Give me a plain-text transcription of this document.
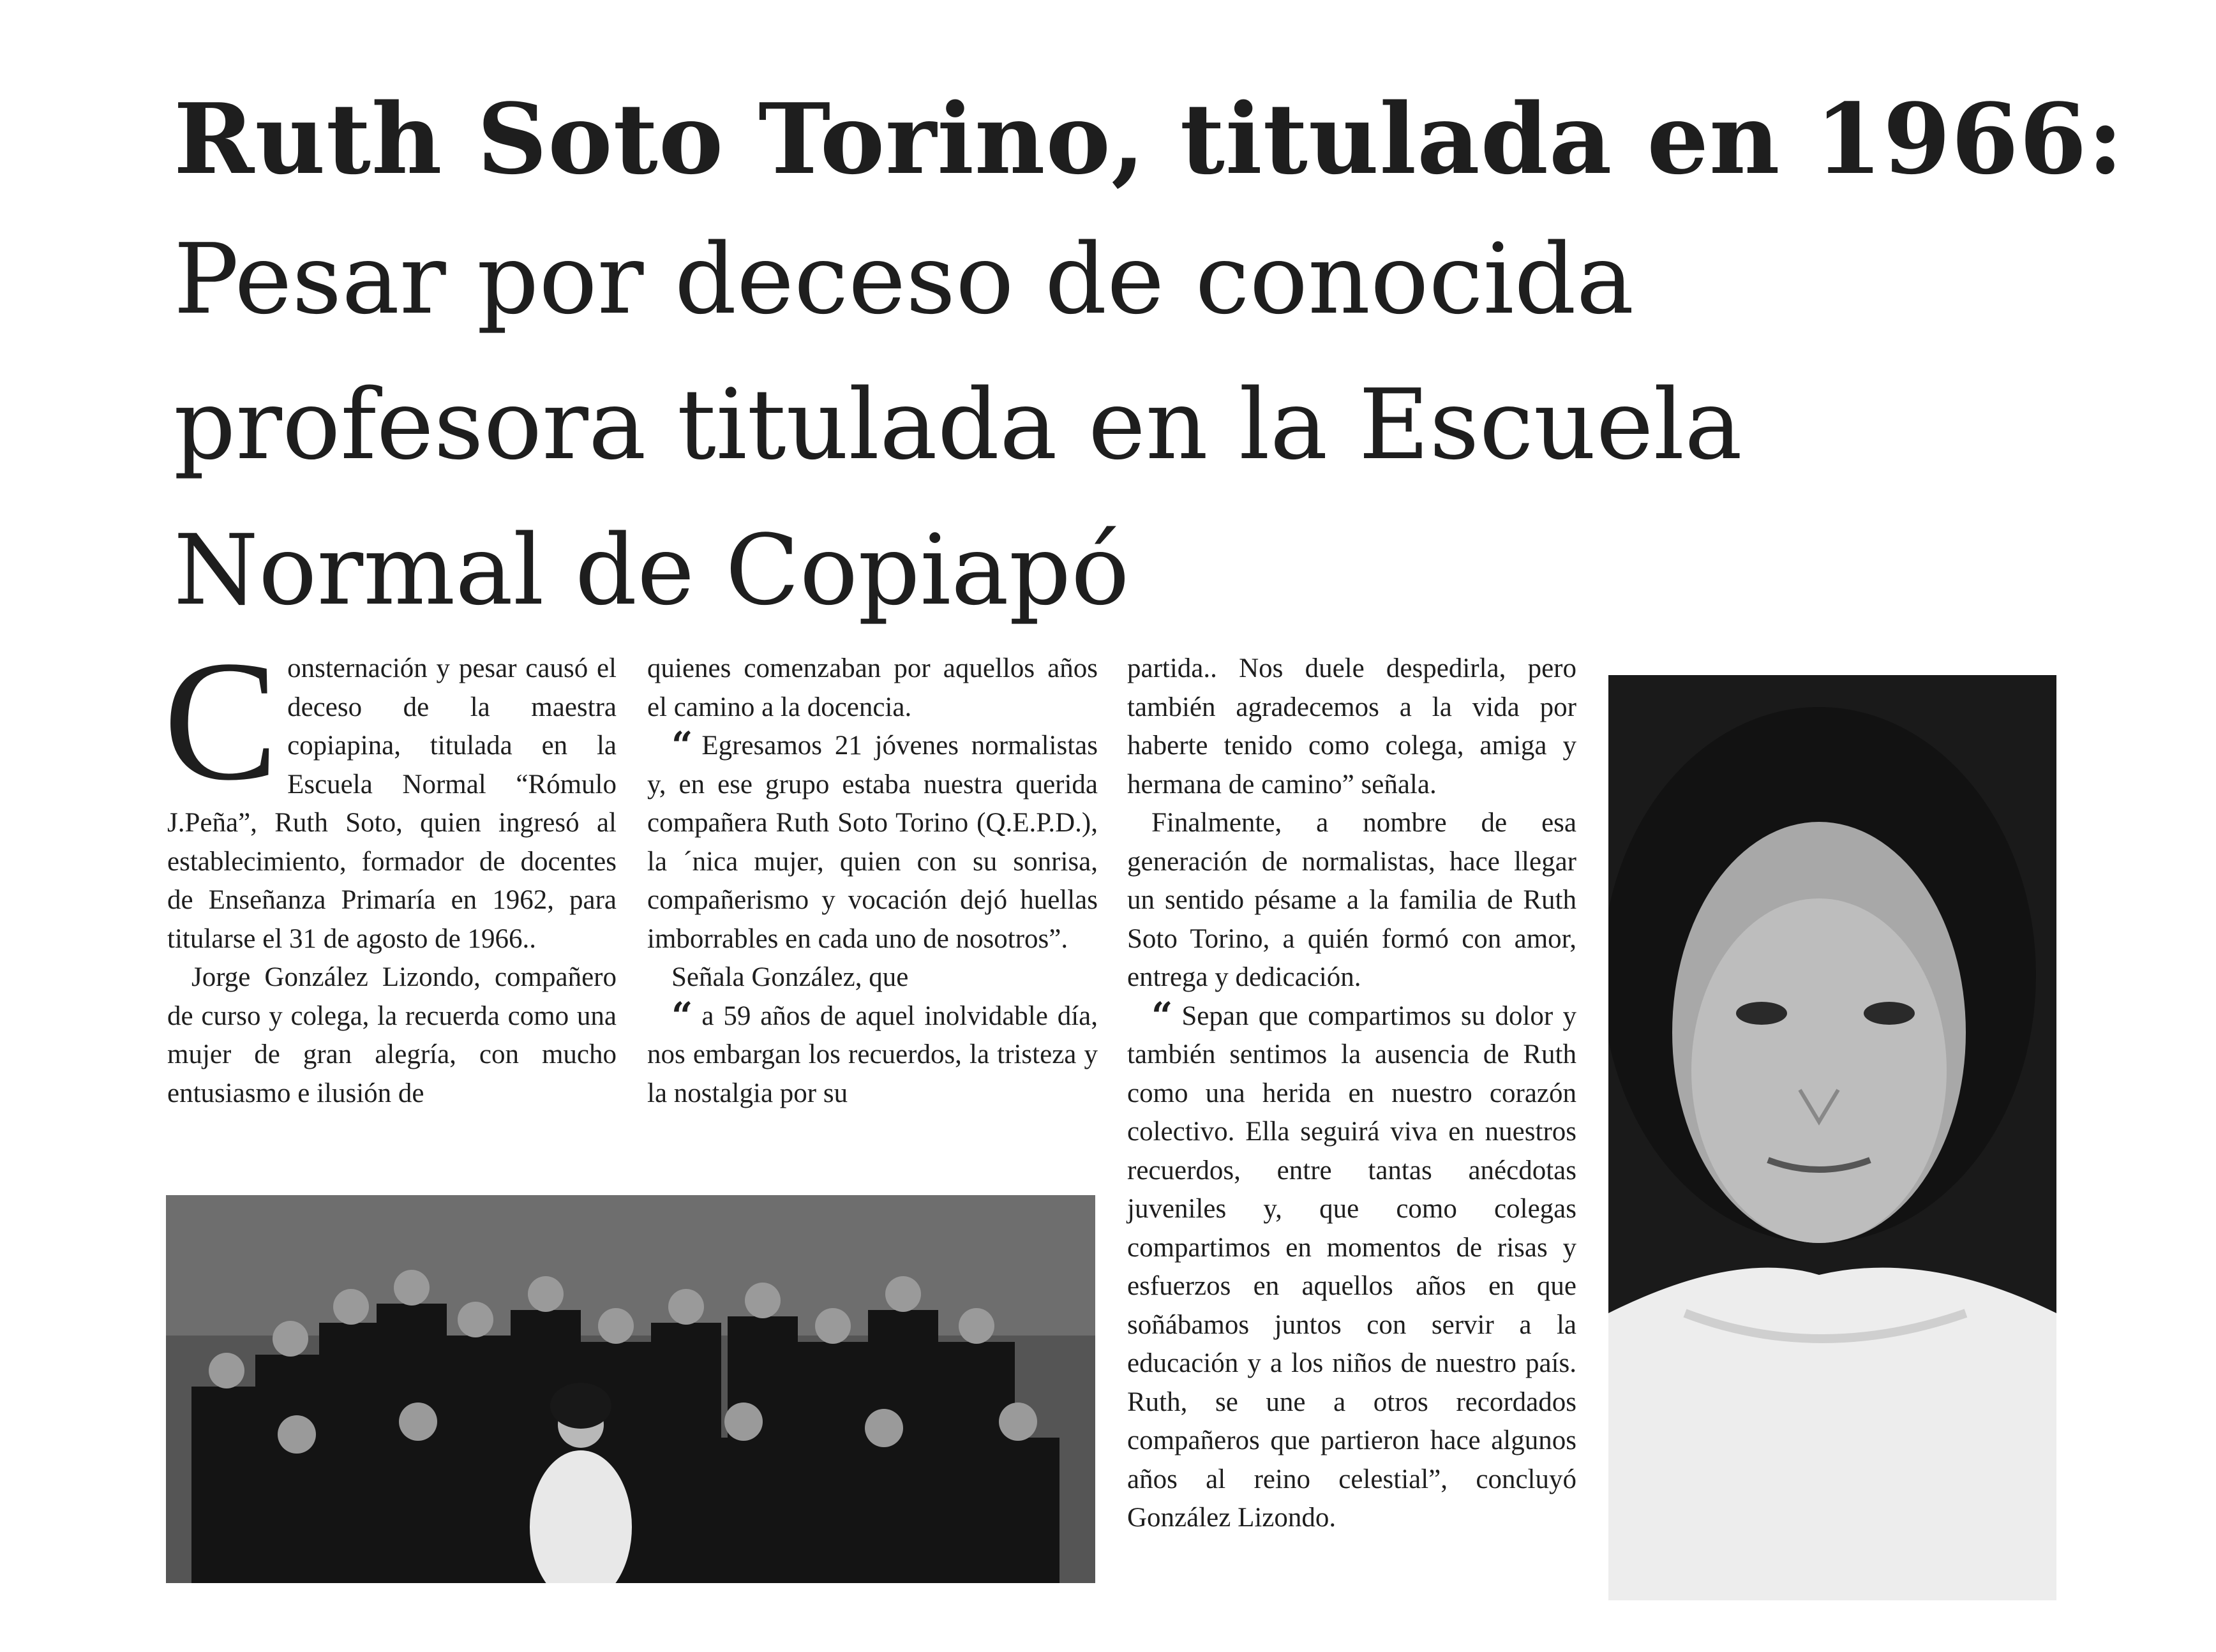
Ruth Soto Torino, titulada en 1966:
Pesar por deceso de conocida profesora titulada en la Escuela Normal de Copiapó

Consternación y pesar causó el deceso de la maestra copiapina, titulada en la Escuela Normal “Rómulo J.Peña”, Ruth Soto, quien ingresó al establecimiento, formador de docentes de Enseñanza Primaría en 1962, para titularse el 31 de agosto de 1966..

Jorge González Lizondo, compañero de curso y colega, la recuerda como una mujer de gran alegría, con mucho entusiasmo e ilusión de

quienes comenzaban por aquellos años el camino a la docencia.

“ Egresamos 21 jóvenes normalistas y, en ese grupo estaba nuestra querida compañera Ruth Soto Torino (Q.E.P.D.), la ´nica mujer, quien con su sonrisa, compañerismo y vocación dejó huellas imborrables en cada uno de nosotros”.

Señala González, que

“ a 59 años de aquel inolvidable día, nos embargan los recuerdos, la tristeza y la nostalgia por su

partida.. Nos duele despedirla, pero también agradecemos a la vida por haberte tenido como colega, amiga y hermana de camino” señala.

Finalmente, a nombre de esa generación de normalistas, hace llegar un sentido pésame a la familia de Ruth Soto Torino, a quién formó con amor, entrega y dedicación.

“ Sepan que compartimos su dolor y también sentimos la ausencia de Ruth como una herida en nuestro corazón colectivo. Ella seguirá viva en nuestros recuerdos, entre tantas anécdotas juveniles y, que como colegas compartimos en momentos de risas y esfuerzos en aquellos años en que soñábamos juntos con servir a la educación y a los niños de nuestro país. Ruth, se une a otros recordados compañeros que partieron hace algunos años al reino celestial”, concluyó González Lizondo.
